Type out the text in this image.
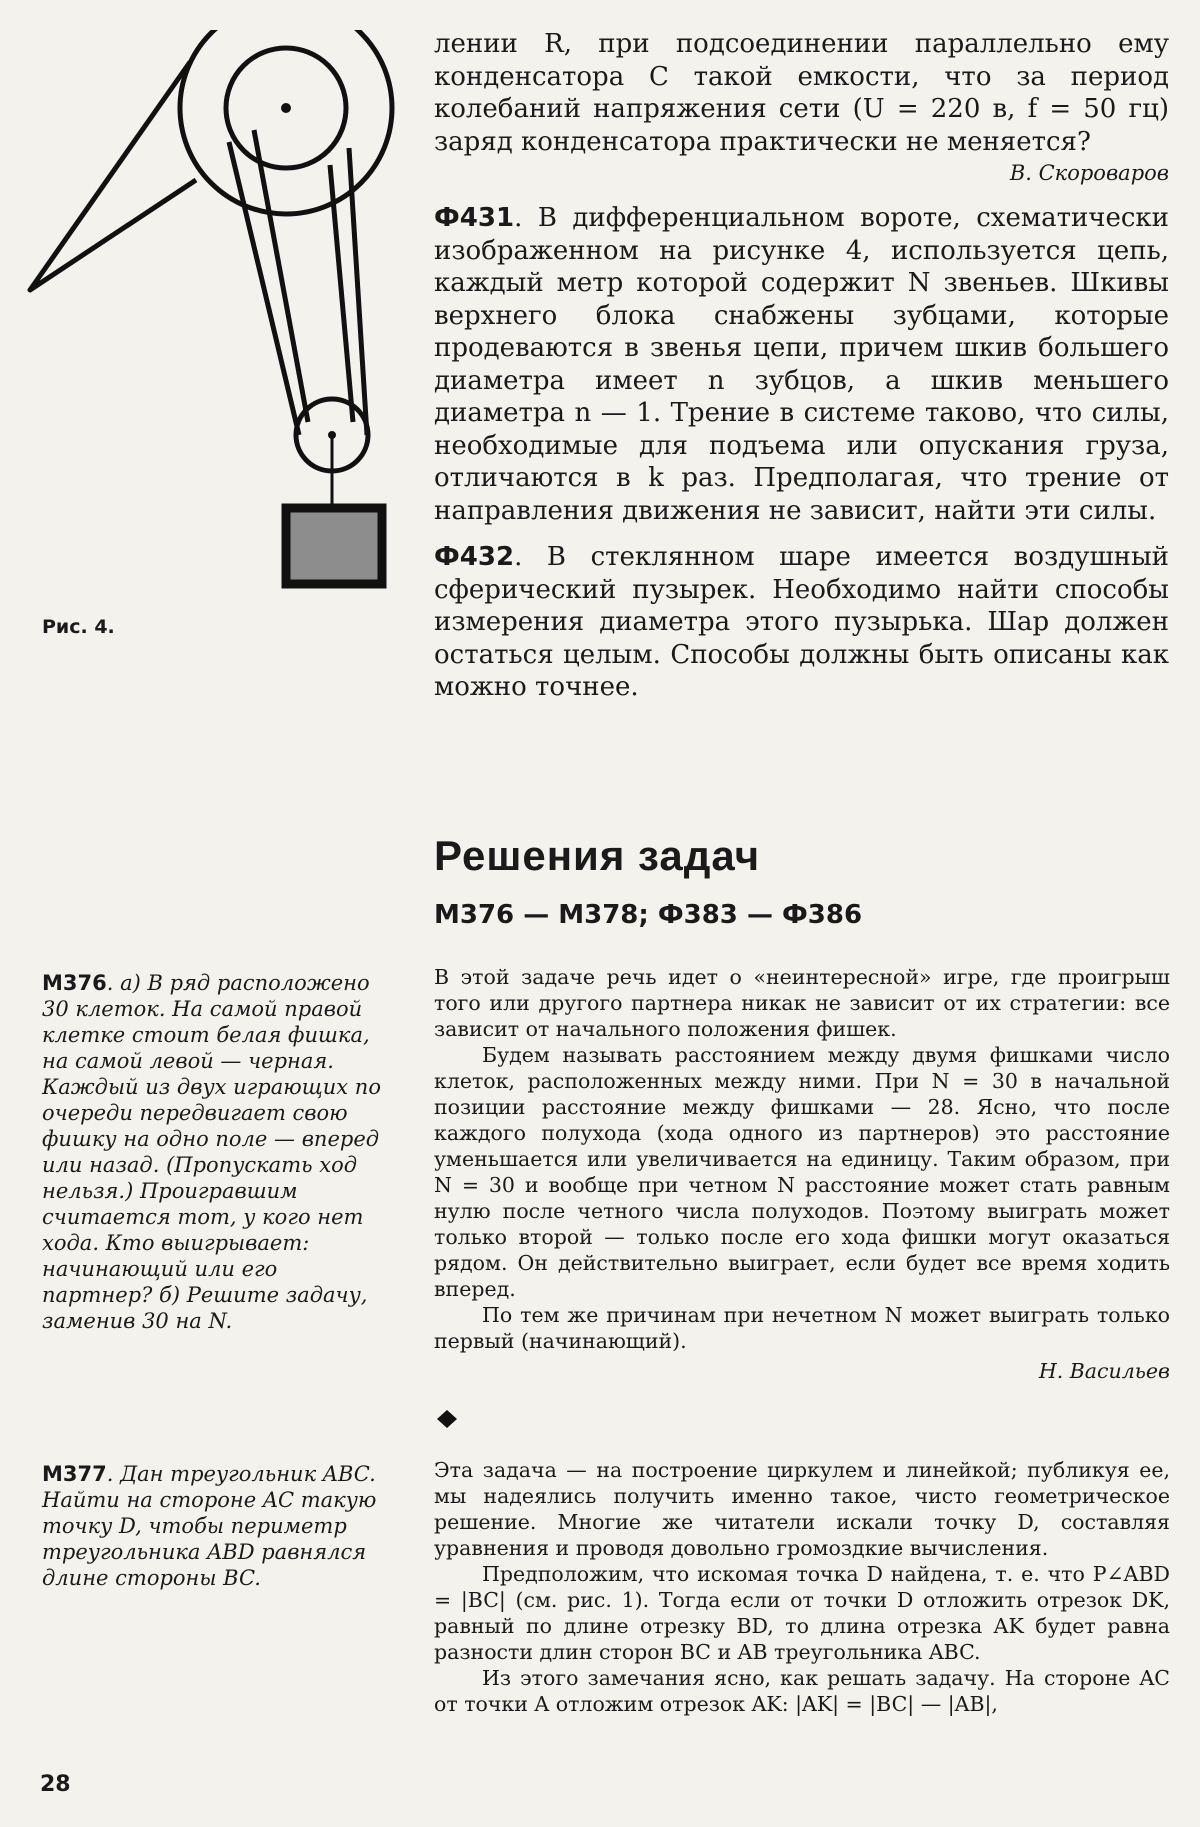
Рис. 4.

лении R, при подсоединении параллельно ему конденсатора C такой емкости, что за период колебаний напряжения сети (U = 220 в, f = 50 гц) заряд конденсатора практически не меняется?

В. Скороваров

Ф431. В дифференциальном вороте, схематически изображенном на рисунке 4, используется цепь, каждый метр которой содержит N звеньев. Шкивы верхнего блока снабжены зубцами, которые продеваются в звенья цепи, причем шкив большего диаметра имеет n зубцов, а шкив меньшего диаметра n — 1. Трение в системе таково, что силы, необходимые для подъема или опускания груза, отличаются в k раз. Предполагая, что трение от направления движения не зависит, найти эти силы.

Ф432. В стеклянном шаре имеется воздушный сферический пузырек. Необходимо найти способы измерения диаметра этого пузырька. Шар должен остаться целым. Способы должны быть описаны как можно точнее.

Решения задач
М376 — М378; Ф383 — Ф386
М376. а) В ряд расположено 30 клеток. На самой правой клетке стоит белая фишка, на самой левой — черная. Каждый из двух играющих по очереди передвигает свою фишку на одно поле — вперед или назад. (Пропускать ход нельзя.) Проигравшим считается тот, у кого нет хода. Кто выигрывает: начинающий или его партнер? б) Решите задачу, заменив 30 на N.

В этой задаче речь идет о «неинтересной» игре, где проигрыш того или другого партнера никак не зависит от их стратегии: все зависит от начального положения фишек.

Будем называть расстоянием между двумя фишками число клеток, расположенных между ними. При N = 30 в начальной позиции расстояние между фишками — 28. Ясно, что после каждого полухода (хода одного из партнеров) это расстояние уменьшается или увеличивается на единицу. Таким образом, при N = 30 и вообще при четном N расстояние может стать равным нулю после четного числа полуходов. Поэтому выиграть может только второй — только после его хода фишки могут оказаться рядом. Он действительно выиграет, если будет все время ходить вперед.

По тем же причинам при нечетном N может выиграть только первый (начинающий).

Н. Васильев

М377. Дан треугольник ABC. Найти на стороне AC такую точку D, чтобы периметр треугольника ABD равнялся длине стороны BC.

Эта задача — на построение циркулем и линейкой; публикуя ее, мы надеялись получить именно такое, чисто геометрическое решение. Многие же читатели искали точку D, составляя уравнения и проводя довольно громоздкие вычисления.

Предположим, что искомая точка D найдена, т. е. что P∠ABD = |BC| (см. рис. 1). Тогда если от точки D отложить отрезок DK, равный по длине отрезку BD, то длина отрезка AK будет равна разности длин сторон BC и AB треугольника ABC.

Из этого замечания ясно, как решать задачу. На стороне AC от точки A отложим отрезок AK: |AK| = |BC| — |AB|,

28
